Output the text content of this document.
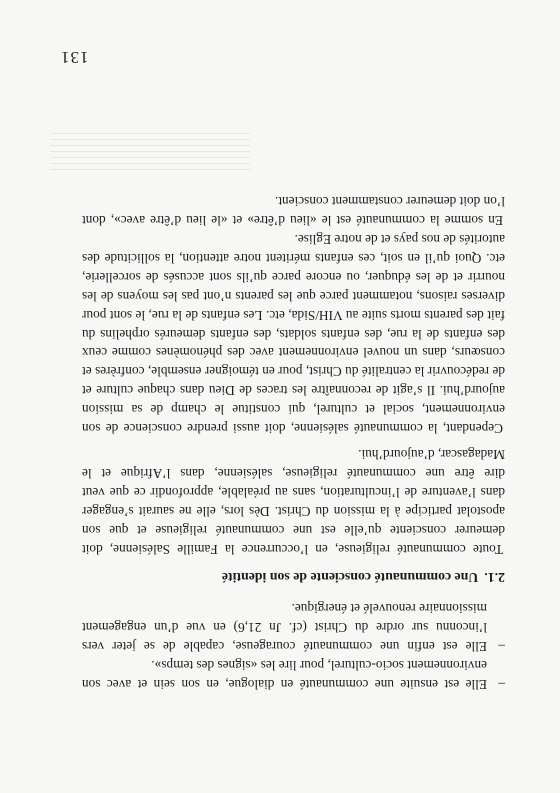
131
–
Elle est ensuite une communauté en dialogue, en son sein et avec son environnement socio-culturel, pour lire les «signes des temps».
–
Elle est enfin une communauté courageuse, capable de se jeter vers l’inconnu sur ordre du Christ (cf. Jn 21,6) en vue d’un engagement missionnaire renouvelé et énergique.
2.1.Une communauté consciente de son identité

Toute communauté religieuse, en l’occurrence la Famille Salésienne, doit demeurer consciente qu’elle est une communauté religieuse et que son apostolat participe à la mission du Christ. Dès lors, elle ne saurait s’engager dans l’aventure de l’inculturation, sans au préalable, approfondir ce que veut dire être une communauté religieuse, salésienne, dans l’Afrique et le Madagascar, d’aujourd’hui.

Cependant, la communauté salésienne, doit aussi prendre conscience de son environnement, social et culturel, qui constitue le champ de sa mission aujourd’hui. Il s’agit de reconnaître les traces de Dieu dans chaque culture et de redécouvrir la centralité du Christ, pour en témoigner ensemble, confrères et consœurs, dans un nouvel environnement avec des phénomènes comme ceux des enfants de la rue, des enfants soldats, des enfants demeurés orphelins du fait des parents morts suite au VIH/Sida, etc. Les enfants de la rue, le sont pour diverses raisons, notamment parce que les parents n’ont pas les moyens de les nourrir et de les éduquer, ou encore parce qu’ils sont accusés de sorcellerie, etc. Quoi qu’il en soit, ces enfants méritent notre attention, la sollicitude des autorités de nos pays et de notre Eglise.

En somme la communauté est le «lieu d’être» et «le lieu d’être avec», dont l’on doit demeurer constamment conscient.
